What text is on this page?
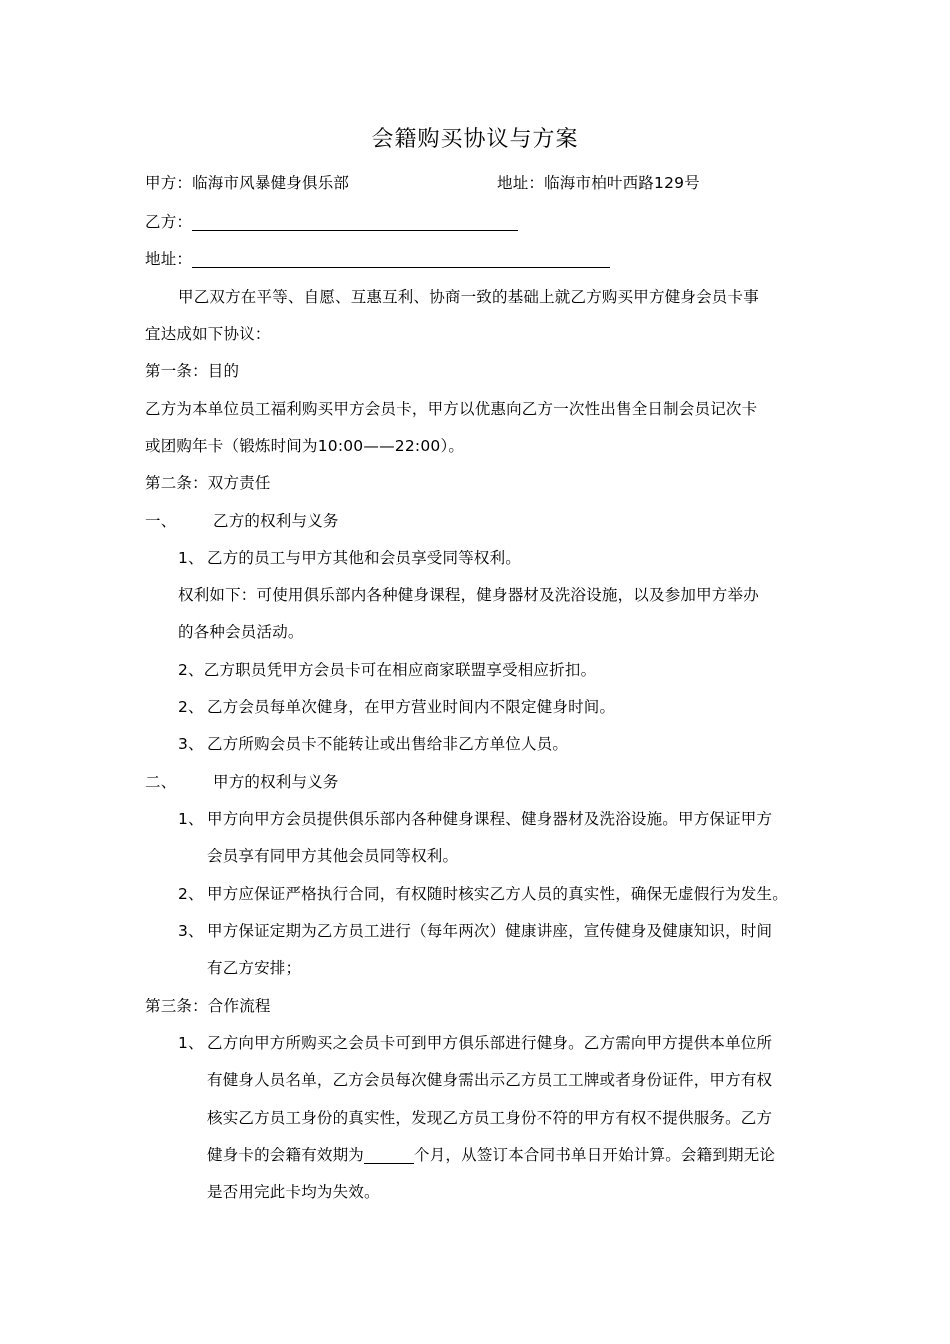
会籍购买协议与方案
甲方：临海市风暴健身俱乐部	地址：临海市柏叶西路129号
乙方：
地址：
甲乙双方在平等、自愿、互惠互利、协商一致的基础上就乙方购买甲方健身会员卡事
宜达成如下协议：
第一条：目的
乙方为本单位员工福利购买甲方会员卡，甲方以优惠向乙方一次性出售全日制会员记次卡
或团购年卡（锻炼时间为10:00——22:00）。
第二条：双方责任
一、 乙方的权利与义务
1、 乙方的员工与甲方其他和会员享受同等权利。
权利如下：可使用俱乐部内各种健身课程，健身器材及洗浴设施，以及参加甲方举办
的各种会员活动。
2、乙方职员凭甲方会员卡可在相应商家联盟享受相应折扣。
2、 乙方会员每单次健身，在甲方营业时间内不限定健身时间。
3、 乙方所购会员卡不能转让或出售给非乙方单位人员。
二、 甲方的权利与义务
1、 甲方向甲方会员提供俱乐部内各种健身课程、健身器材及洗浴设施。甲方保证甲方
会员享有同甲方其他会员同等权利。
2、 甲方应保证严格执行合同，有权随时核实乙方人员的真实性，确保无虚假行为发生。
3、 甲方保证定期为乙方员工进行（每年两次）健康讲座，宣传健身及健康知识，时间
有乙方安排；
第三条：合作流程
1、 乙方向甲方所购买之会员卡可到甲方俱乐部进行健身。乙方需向甲方提供本单位所
有健身人员名单，乙方会员每次健身需出示乙方员工工牌或者身份证件，甲方有权
核实乙方员工身份的真实性，发现乙方员工身份不符的甲方有权不提供服务。乙方
健身卡的会籍有效期为	个月，从签订本合同书单日开始计算。会籍到期无论
是否用完此卡均为失效。
